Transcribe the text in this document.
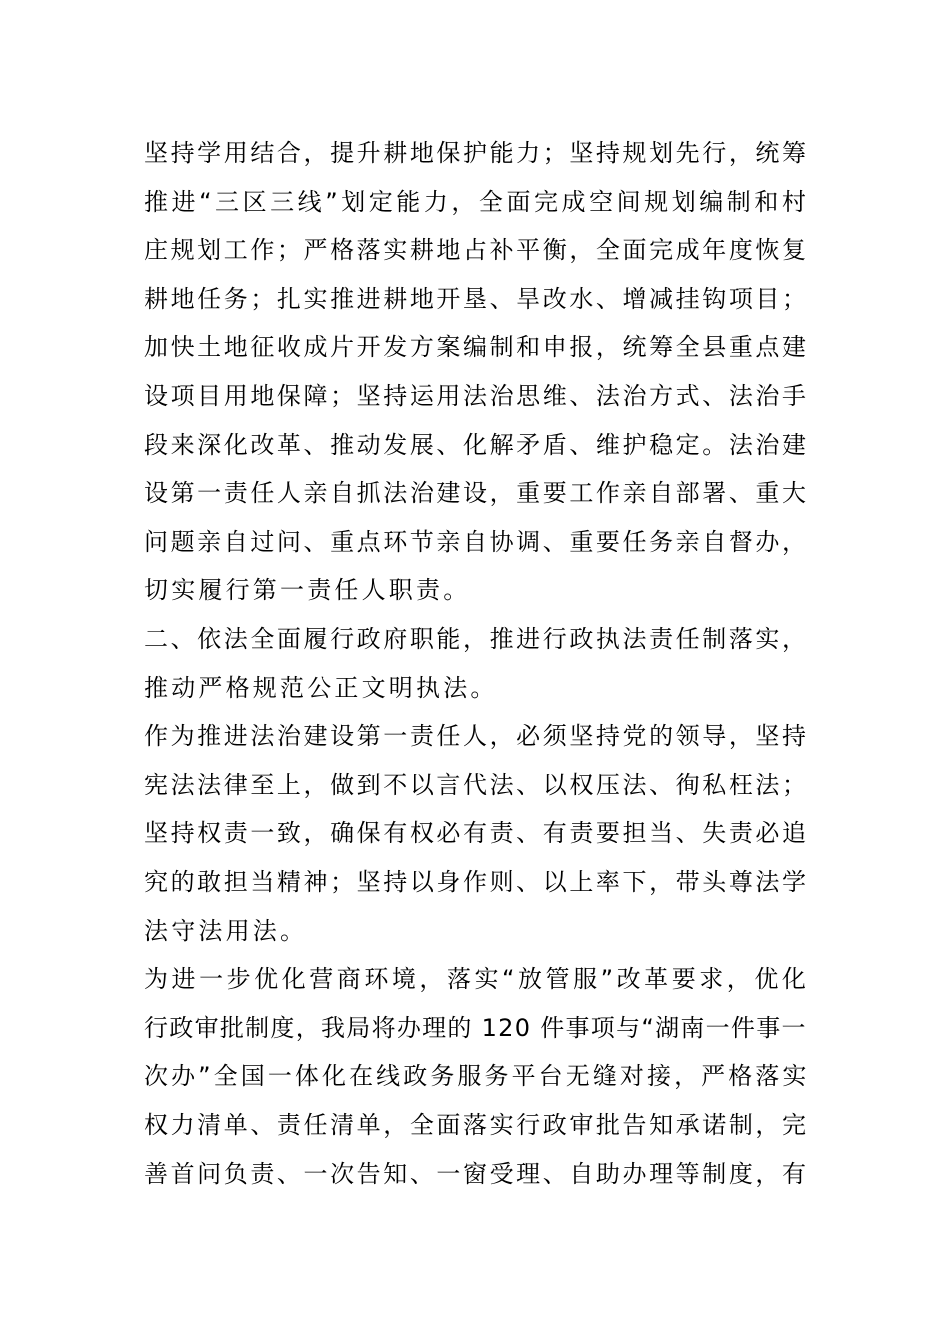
坚持学用结合，提升耕地保护能力；坚持规划先行，统筹
推进“三区三线”划定能力，全面完成空间规划编制和村
庄规划工作；严格落实耕地占补平衡，全面完成年度恢复
耕地任务；扎实推进耕地开垦、旱改水、增减挂钩项目；
加快土地征收成片开发方案编制和申报，统筹全县重点建
设项目用地保障；坚持运用法治思维、法治方式、法治手
段来深化改革、推动发展、化解矛盾、维护稳定。法治建
设第一责任人亲自抓法治建设，重要工作亲自部署、重大
问题亲自过问、重点环节亲自协调、重要任务亲自督办，
切实履行第一责任人职责。
二、依法全面履行政府职能，推进行政执法责任制落实，
推动严格规范公正文明执法。
作为推进法治建设第一责任人，必须坚持党的领导，坚持
宪法法律至上，做到不以言代法、以权压法、徇私枉法；
坚持权责一致，确保有权必有责、有责要担当、失责必追
究的敢担当精神；坚持以身作则、以上率下，带头尊法学
法守法用法。
为进一步优化营商环境，落实“放管服”改革要求，优化
行政审批制度，我局将办理的 120 件事项与“湖南一件事一
次办”全国一体化在线政务服务平台无缝对接，严格落实
权力清单、责任清单，全面落实行政审批告知承诺制，完
善首问负责、一次告知、一窗受理、自助办理等制度，有
